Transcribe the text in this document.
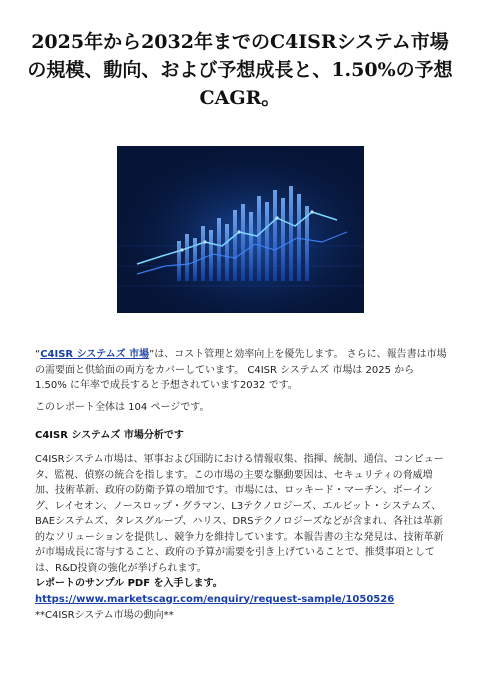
2025年から2032年までのC4ISRシステム市場の規模、動向、および予想成長と、1.50%の予想CAGR。
“C4ISR システムズ 市場”は、コスト管理と効率向上を優先します。 さらに、報告書は市場の需要面と供給面の両方をカバーしています。 C4ISR システムズ 市場は 2025 から 1.50% に年率で成長すると予想されています2032 です。
このレポート全体は 104 ページです。
C4ISR システムズ 市場分析です
C4ISRシステム市場は、軍事および国防における情報収集、指揮、統制、通信、コンピュータ、監視、偵察の統合を指します。この市場の主要な駆動要因は、セキュリティの脅威増加、技術革新、政府の防衛予算の増加です。市場には、ロッキード・マーチン、ボーイング、レイセオン、ノースロップ・グラマン、L3テクノロジーズ、エルビット・システムズ、BAEシステムズ、タレスグループ、ハリス、DRSテクノロジーズなどが含まれ、各社は革新的なソリューションを提供し、競争力を維持しています。本報告書の主な発見は、技術革新が市場成長に寄与すること、政府の予算が需要を引き上げていることで、推奨事項としては、R&D投資の強化が挙げられます。
レポートのサンプル PDF を入手します。 https://www.marketscagr.com/enquiry/request-sample/1050526
**C4ISRシステム市場の動向**
